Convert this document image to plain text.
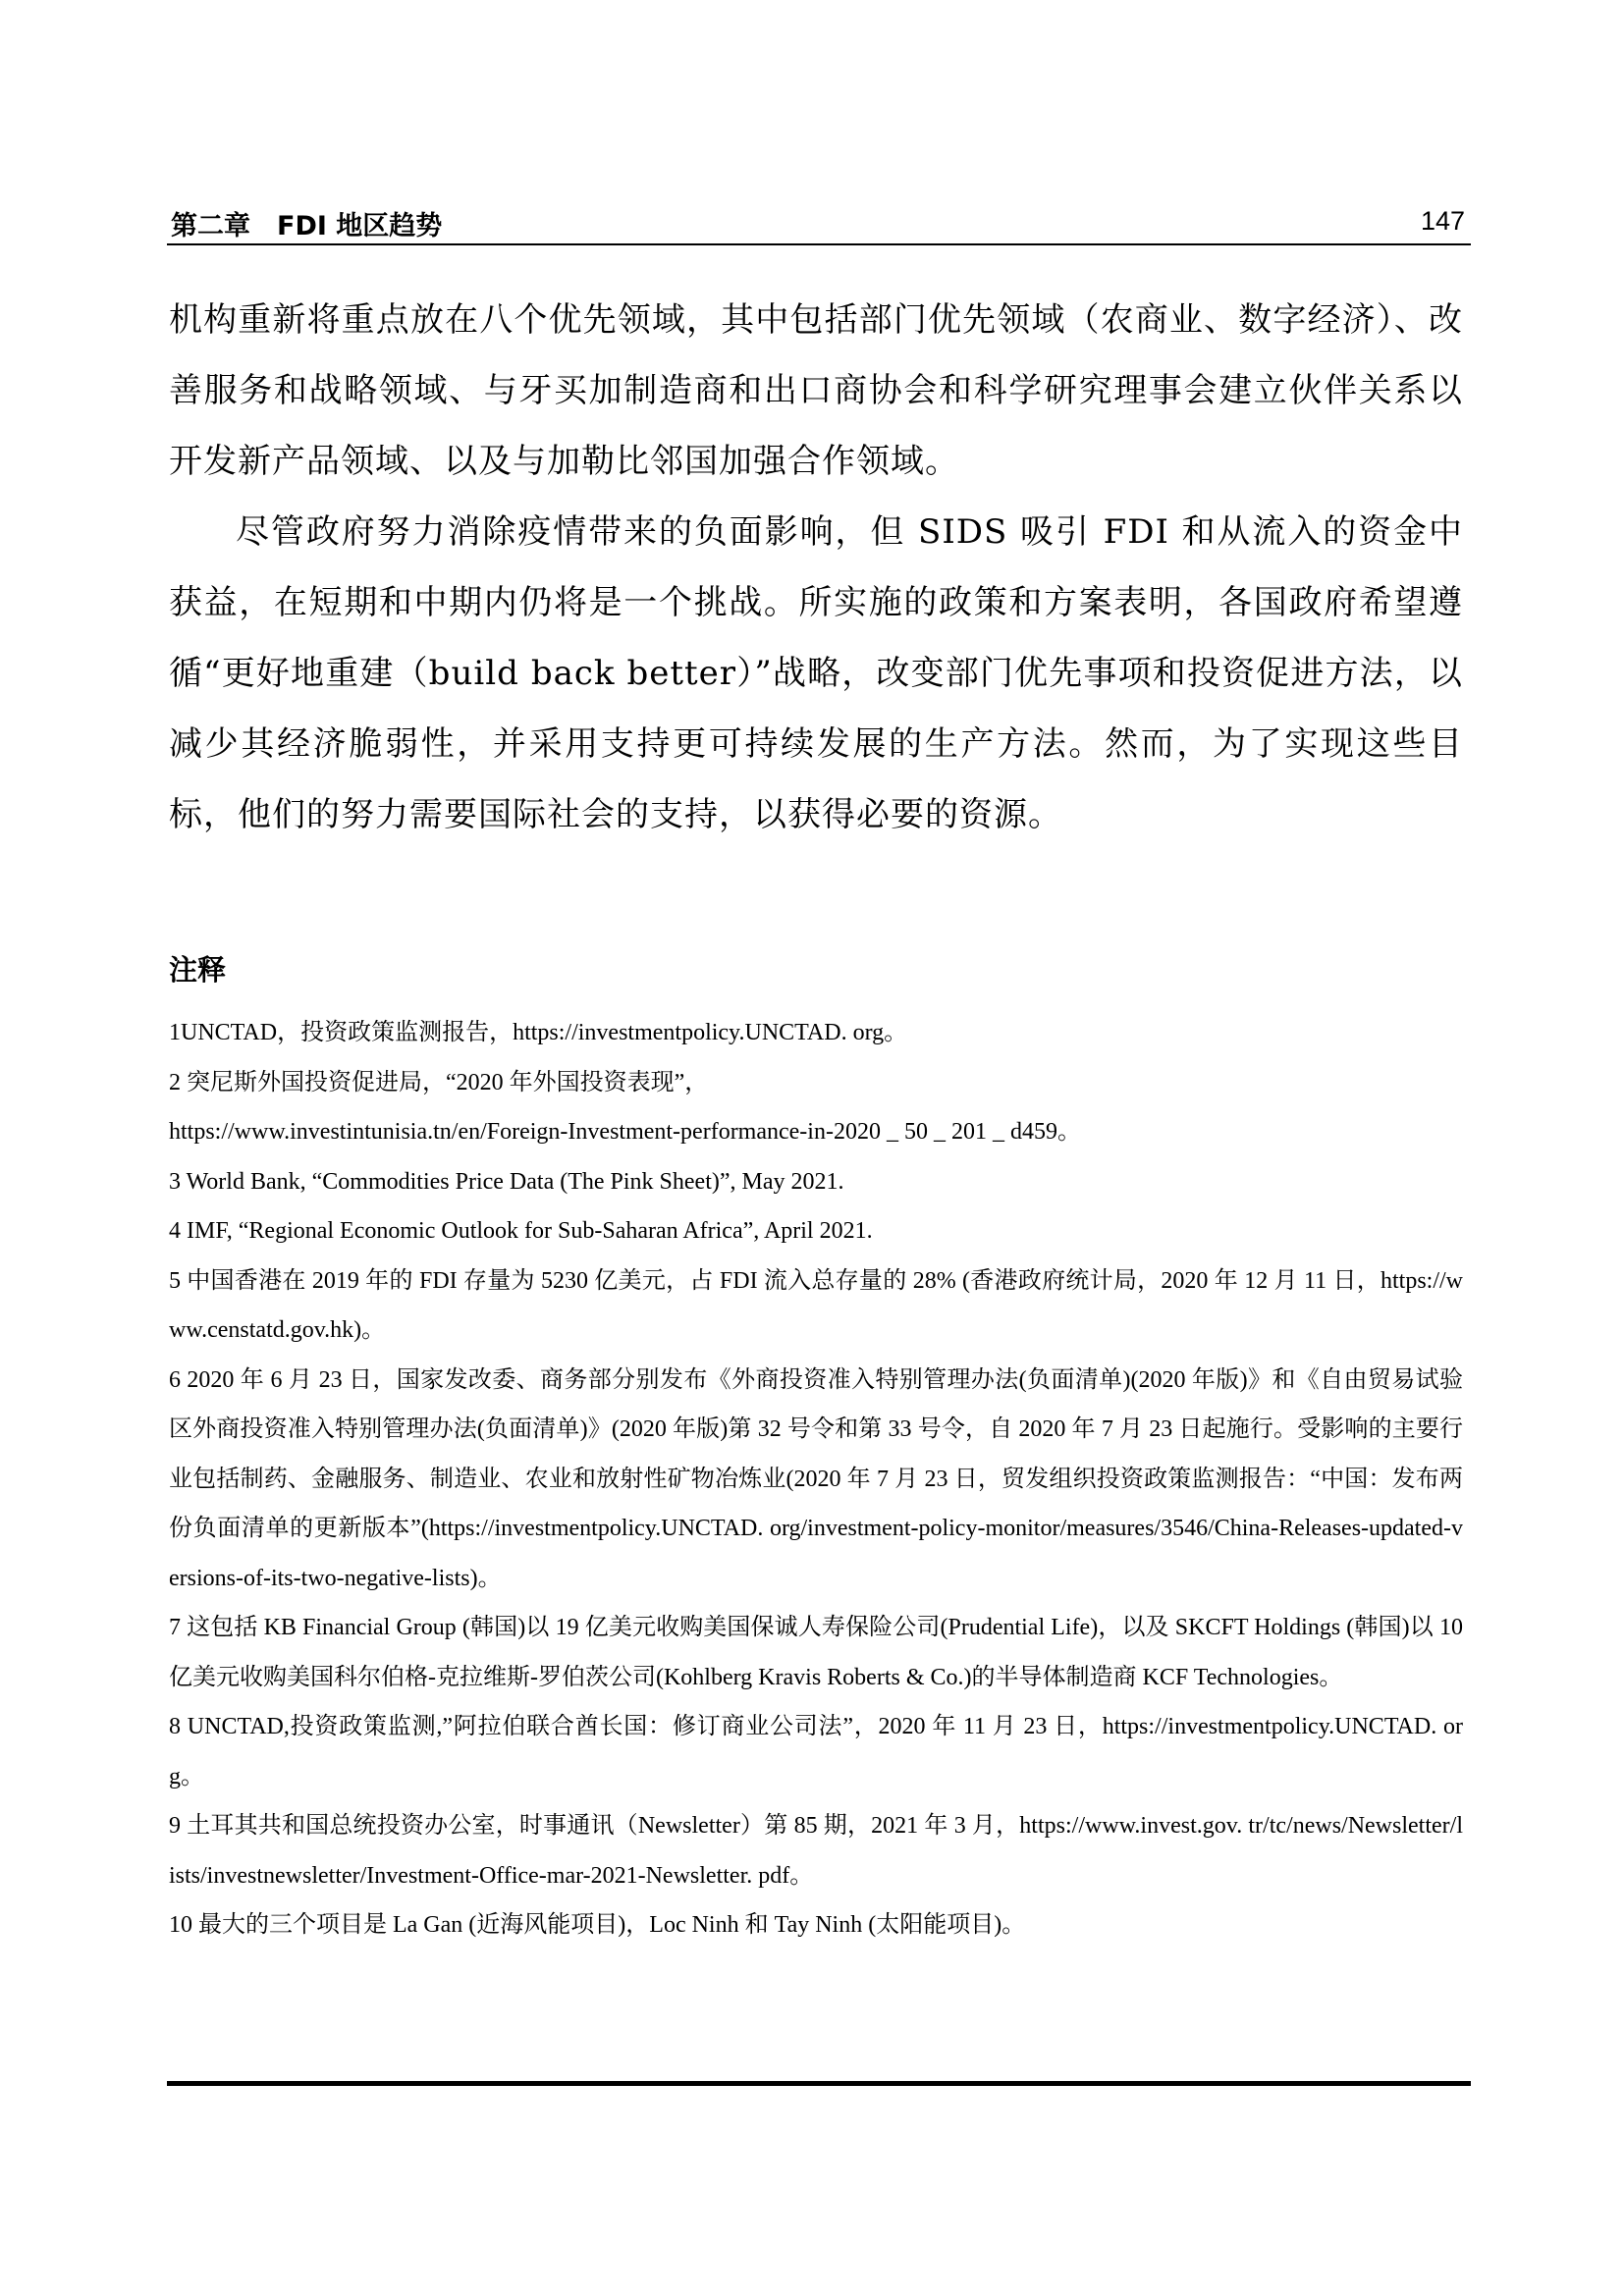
第二章　FDI 地区趋势	147

机构重新将重点放在八个优先领域，其中包括部门优先领域（农商业、数字经济）、改善服务和战略领域、与牙买加制造商和出口商协会和科学研究理事会建立伙伴关系以开发新产品领域、以及与加勒比邻国加强合作领域。

尽管政府努力消除疫情带来的负面影响，但 SIDS 吸引 FDI 和从流入的资金中获益，在短期和中期内仍将是一个挑战。所实施的政策和方案表明，各国政府希望遵循“更好地重建（build back better）”战略，改变部门优先事项和投资促进方法，以减少其经济脆弱性，并采用支持更可持续发展的生产方法。然而，为了实现这些目标，他们的努力需要国际社会的支持，以获得必要的资源。

注释

1UNCTAD，投资政策监测报告，https://investmentpolicy.UNCTAD. org。

2 突尼斯外国投资促进局，“2020 年外国投资表现”，

https://www.investintunisia.tn/en/Foreign-Investment-performance-in-2020 _ 50 _ 201 _ d459。

3 World Bank, “Commodities Price Data (The Pink Sheet)”, May 2021.

4 IMF, “Regional Economic Outlook for Sub-Saharan Africa”, April 2021.

5 中国香港在 2019 年的 FDI 存量为 5230 亿美元，占 FDI 流入总存量的 28% (香港政府统计局，2020 年 12 月 11 日，https://www.censtatd.gov.hk)。

6 2020 年 6 月 23 日，国家发改委、商务部分别发布《外商投资准入特别管理办法(负面清单)(2020 年版)》和《自由贸易试验区外商投资准入特别管理办法(负面清单)》(2020 年版)第 32 号令和第 33 号令，自 2020 年 7 月 23 日起施行。受影响的主要行业包括制药、金融服务、制造业、农业和放射性矿物冶炼业(2020 年 7 月 23 日，贸发组织投资政策监测报告：“中国：发布两份负面清单的更新版本”(https://investmentpolicy.UNCTAD. org/investment-policy-monitor/measures/3546/China-Releases-updated-versions-of-its-two-negative-lists)。

7 这包括 KB Financial Group (韩国)以 19 亿美元收购美国保诚人寿保险公司(Prudential Life)，以及 SKCFT Holdings (韩国)以 10 亿美元收购美国科尔伯格-克拉维斯-罗伯茨公司(Kohlberg Kravis Roberts & Co.)的半导体制造商 KCF Technologies。

8 UNCTAD,投资政策监测,”阿拉伯联合酋长国：修订商业公司法”，2020 年 11 月 23 日，https://investmentpolicy.UNCTAD. org。

9 土耳其共和国总统投资办公室，时事通讯（Newsletter）第 85 期，2021 年 3 月，https://www.invest.gov. tr/tc/news/Newsletter/lists/investnewsletter/Investment-Office-mar-2021-Newsletter. pdf。

10 最大的三个项目是 La Gan (近海风能项目)，Loc Ninh 和 Tay Ninh (太阳能项目)。
